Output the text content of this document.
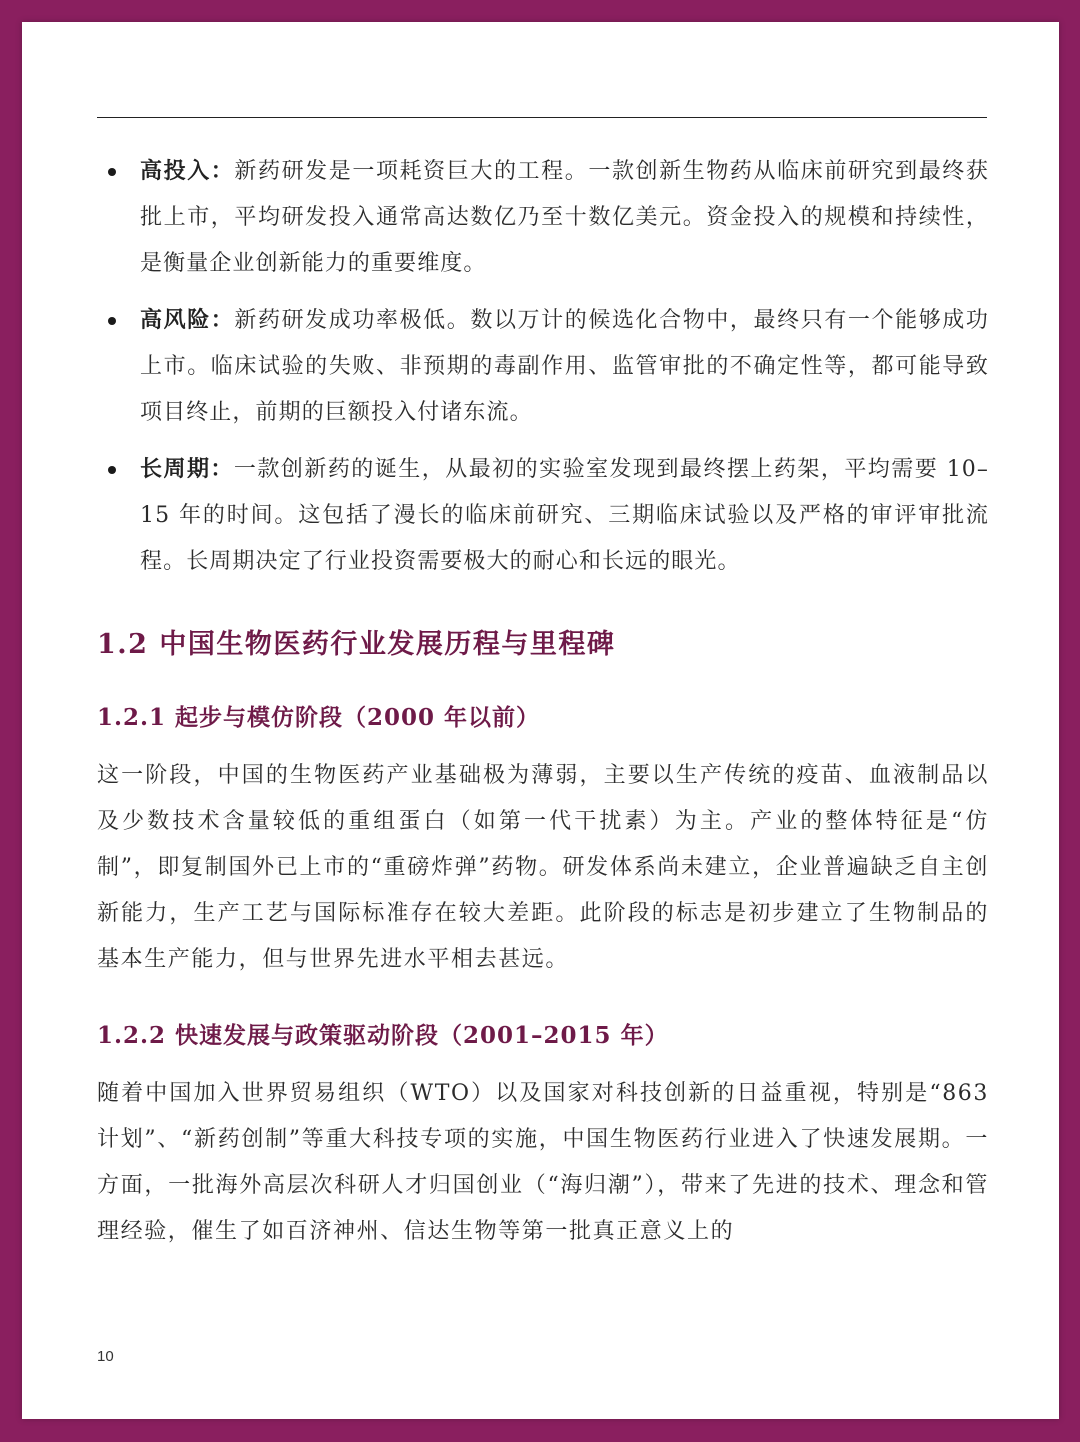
高投入：新药研发是一项耗资巨大的工程。一款创新生物药从临床前研究到最终获批上市，平均研发投入通常高达数亿乃至十数亿美元。资金投入的规模和持续性，是衡量企业创新能力的重要维度。
高风险：新药研发成功率极低。数以万计的候选化合物中，最终只有一个能够成功上市。临床试验的失败、非预期的毒副作用、监管审批的不确定性等，都可能导致项目终止，前期的巨额投入付诸东流。
长周期：一款创新药的诞生，从最初的实验室发现到最终摆上药架，平均需要 10–15 年的时间。这包括了漫长的临床前研究、三期临床试验以及严格的审评审批流程。长周期决定了行业投资需要极大的耐心和长远的眼光。
1.2 中国生物医药行业发展历程与里程碑
1.2.1 起步与模仿阶段（2000 年以前）

这一阶段，中国的生物医药产业基础极为薄弱，主要以生产传统的疫苗、血液制品以及少数技术含量较低的重组蛋白（如第一代干扰素）为主。产业的整体特征是“仿制”，即复制国外已上市的“重磅炸弹”药物。研发体系尚未建立，企业普遍缺乏自主创新能力，生产工艺与国际标准存在较大差距。此阶段的标志是初步建立了生物制品的基本生产能力，但与世界先进水平相去甚远。

1.2.2 快速发展与政策驱动阶段（2001–2015 年）

随着中国加入世界贸易组织（WTO）以及国家对科技创新的日益重视，特别是“863 计划”、“新药创制”等重大科技专项的实施，中国生物医药行业进入了快速发展期。一方面，一批海外高层次科研人才归国创业（“海归潮”），带来了先进的技术、理念和管理经验，催生了如百济神州、信达生物等第一批真正意义上的

10
